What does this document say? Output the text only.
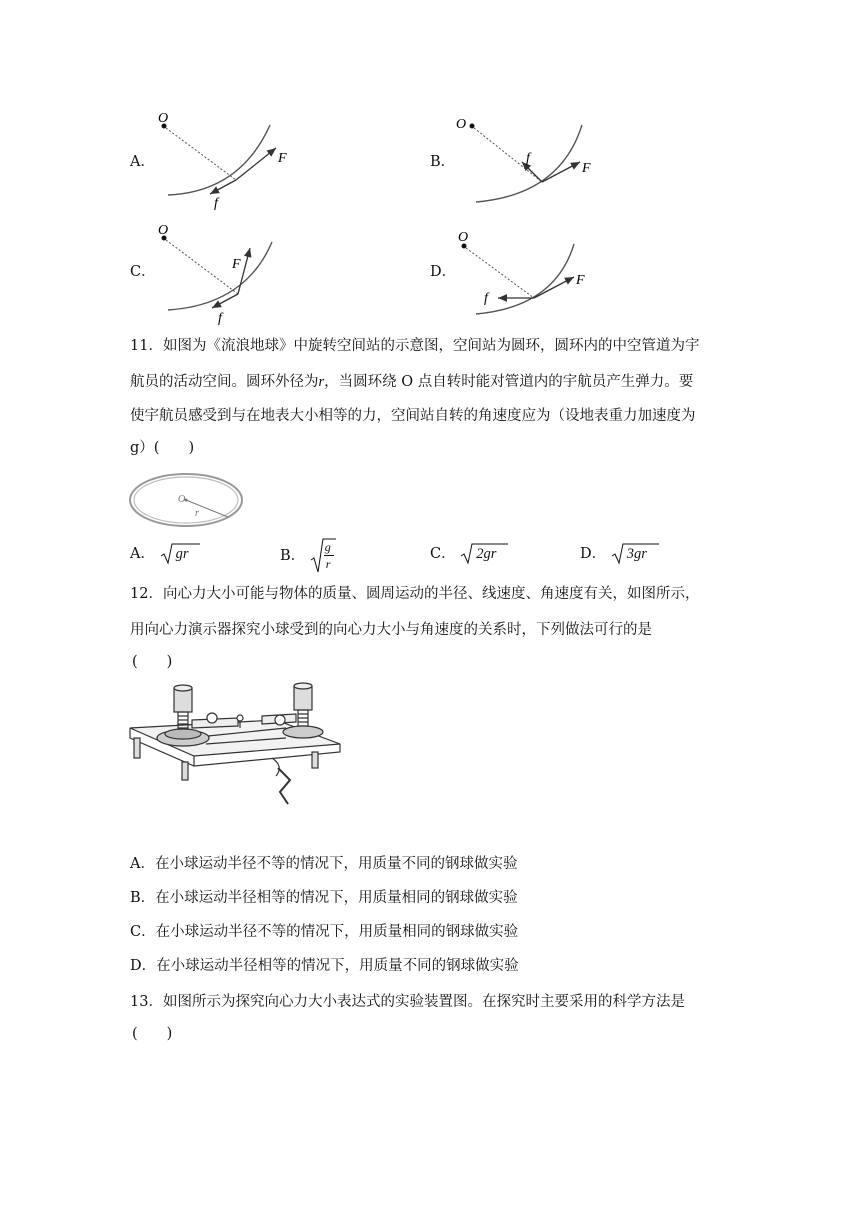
A．
O
F
f
B．
O
F
f
C．
O
F
f
D．
O
F
f
11．如图为《流浪地球》中旋转空间站的示意图，空间站为圆环，圆环内的中空管道为宇
航员的活动空间。圆环外径为r，当圆环绕 O 点自转时能对管道内的宇航员产生弹力。要
使宇航员感受到与在地表大小相等的力，空间站自转的角速度应为（设地表重力加速度为
g）(　　)
O
r
A． gr	B． $\frac{g}{r}$	C． 2gr	D． 3gr
12．向心力大小可能与物体的质量、圆周运动的半径、线速度、角速度有关，如图所示，
用向心力演示器探究小球受到的向心力大小与角速度的关系时，下列做法可行的是
(　　)
A．在小球运动半径不等的情况下，用质量不同的钢球做实验
B．在小球运动半径相等的情况下，用质量相同的钢球做实验
C．在小球运动半径不等的情况下，用质量相同的钢球做实验
D．在小球运动半径相等的情况下，用质量不同的钢球做实验
13．如图所示为探究向心力大小表达式的实验装置图。在探究时主要采用的科学方法是
(　　)
